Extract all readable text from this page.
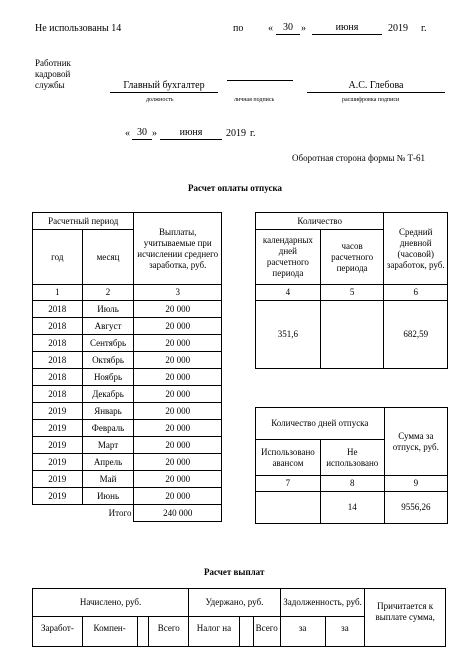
Не использованы 14	по «	30 »	июня	2019 г.
Работник
кадровой
службы	Главный бухгалтер	А.С. Глебова
должность	личная подпись	расшифровка подписи
« 30 »	июня	2019 г.
Оборотная сторона формы № Т-61
Расчет оплаты отпуска
Расчетный период		Выплаты, учитываемые при исчислении среднего заработка, руб.
год	месяц	
1	2	3
2018	Июль	20 000
2018	Август	20 000
2018	Сентябрь	20 000
2018	Октябрь	20 000
2018	Ноябрь	20 000
2018	Декабрь	20 000
2019	Январь	20 000
2019	Февраль	20 000
2019	Март	20 000
2019	Апрель	20 000
2019	Май	20 000
2019	Июнь	20 000
	Итого	240 000
Количество		Средний дневной (часовой) заработок, руб.
календарных дней расчетного периода	часов расчетного периода	
4	5	6
351,6		682,59
Количество дней отпуска		Сумма за отпуск, руб.
Использовано авансом	Не использовано	
7	8	9
	14	9556,26
Расчет выплат
Начислено, руб.				Удержано, руб.			Задолженность, руб.		Причитается к выплате сумма,
Заработ-	Компен-		Всего	Налог на		Всего	за	за	
